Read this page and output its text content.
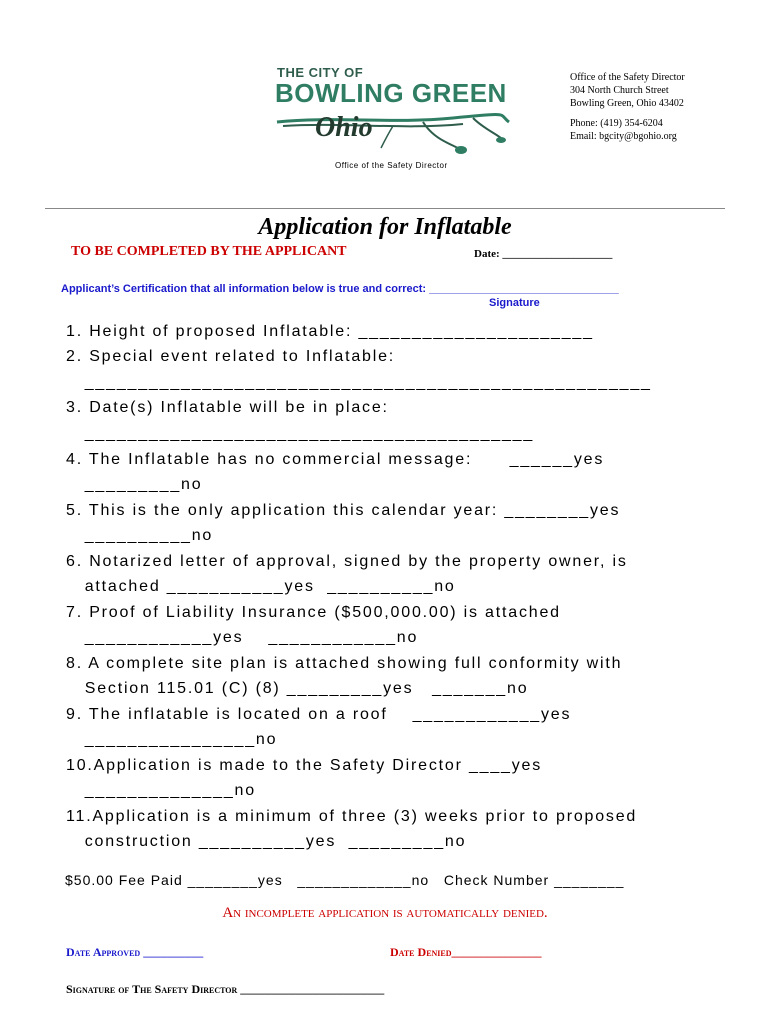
THE CITY OF
BOWLING GREEN
Ohio
Office of the Safety Director
Office of the Safety Director
304 North Church Street
Bowling Green, Ohio 43402
Phone: (419) 354-6204
Email: bgcity@bgohio.org
Application for Inflatable
TO BE COMPLETED BY THE APPLICANT	Date: ____________________
Applicant’s Certification that all information below is true and correct: _______________________________
Signature
1. Height of proposed Inflatable: ______________________
2. Special event related to Inflatable:
_____________________________________________________
3. Date(s) Inflatable will be in place:
__________________________________________
4. The Inflatable has no commercial message:      ______yes
_________no
5. This is the only application this calendar year: ________yes
__________no
6. Notarized letter of approval, signed by the property owner, is
attached ___________yes  __________no
7. Proof of Liability Insurance ($500,000.00) is attached
____________yes    ____________no
8. A complete site plan is attached showing full conformity with
Section 115.01 (C) (8) _________yes   _______no
9. The inflatable is located on a roof    ____________yes
________________no
10.Application is made to the Safety Director ____yes
______________no
11.Application is a minimum of three (3) weeks prior to proposed
construction __________yes  _________no
$50.00 Fee Paid ________yes   _____________no   Check Number ________
An incomplete application is automatically denied.
Date Approved __________	Date Denied_______________
Signature of The Safety Director ________________________
